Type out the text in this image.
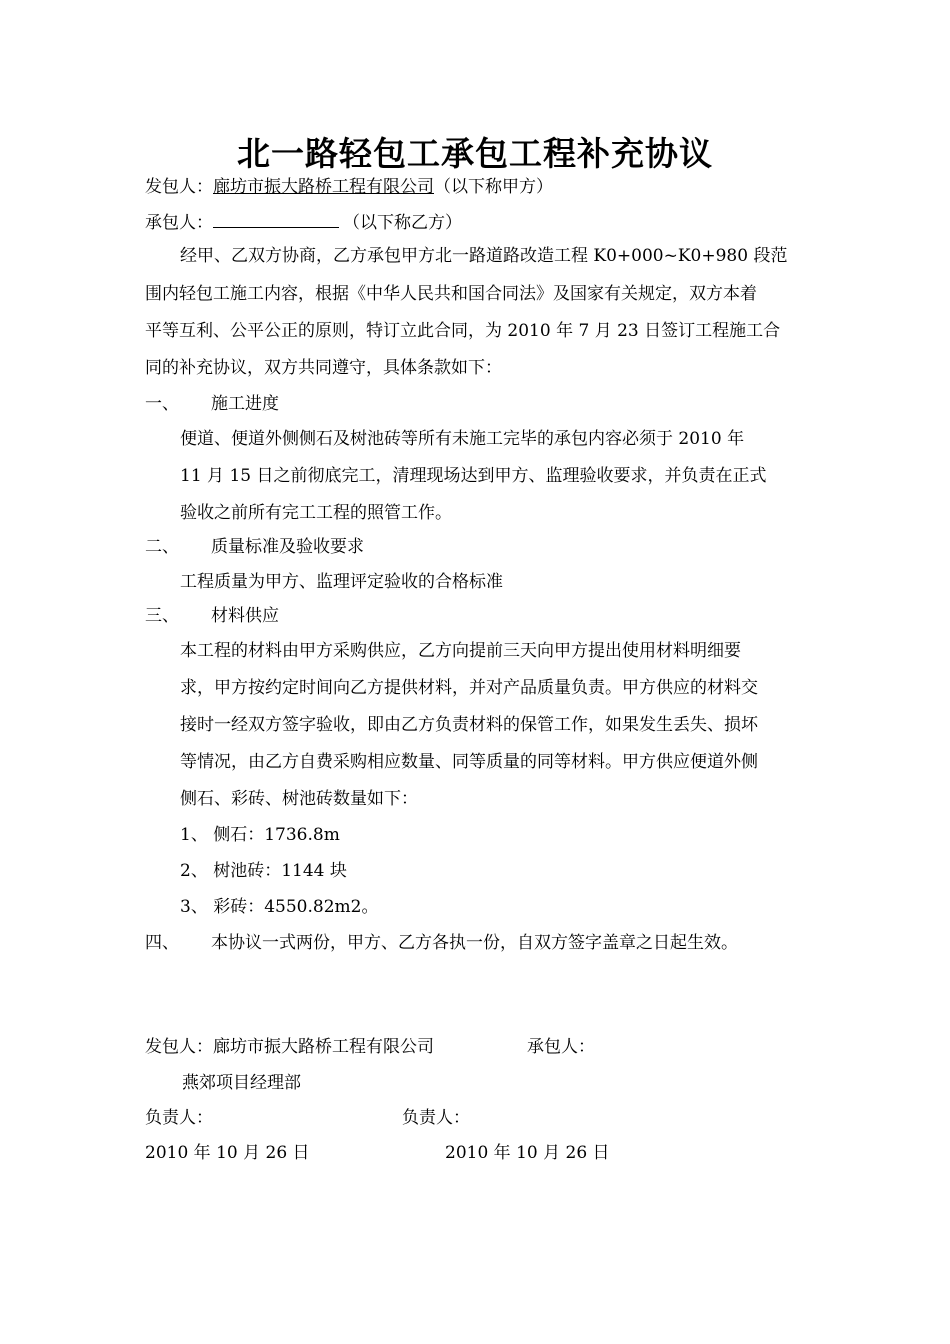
北一路轻包工承包工程补充协议
发包人：廊坊市振大路桥工程有限公司（以下称甲方）
承包人：	（以下称乙方）
经甲、乙双方协商，乙方承包甲方北一路道路改造工程 K0+000~K0+980 段范
围内轻包工施工内容，根据《中华人民共和国合同法》及国家有关规定，双方本着
平等互利、公平公正的原则，特订立此合同，为 2010 年 7 月 23 日签订工程施工合
同的补充协议，双方共同遵守，具体条款如下：
一、 施工进度
便道、便道外侧侧石及树池砖等所有未施工完毕的承包内容必须于 2010 年
11 月 15 日之前彻底完工，清理现场达到甲方、监理验收要求，并负责在正式
验收之前所有完工工程的照管工作。
二、 质量标准及验收要求
工程质量为甲方、监理评定验收的合格标准
三、 材料供应
本工程的材料由甲方采购供应，乙方向提前三天向甲方提出使用材料明细要
求，甲方按约定时间向乙方提供材料，并对产品质量负责。甲方供应的材料交
接时一经双方签字验收，即由乙方负责材料的保管工作，如果发生丢失、损坏
等情况，由乙方自费采购相应数量、同等质量的同等材料。甲方供应便道外侧
侧石、彩砖、树池砖数量如下：
1、 侧石：1736.8m
2、 树池砖：1144 块
3、 彩砖：4550.82m2。
四、 本协议一式两份，甲方、乙方各执一份，自双方签字盖章之日起生效。
发包人：廊坊市振大路桥工程有限公司	承包人：
燕郊项目经理部
负责人：	负责人：
2010 年 10 月 26 日	2010 年 10 月 26 日
